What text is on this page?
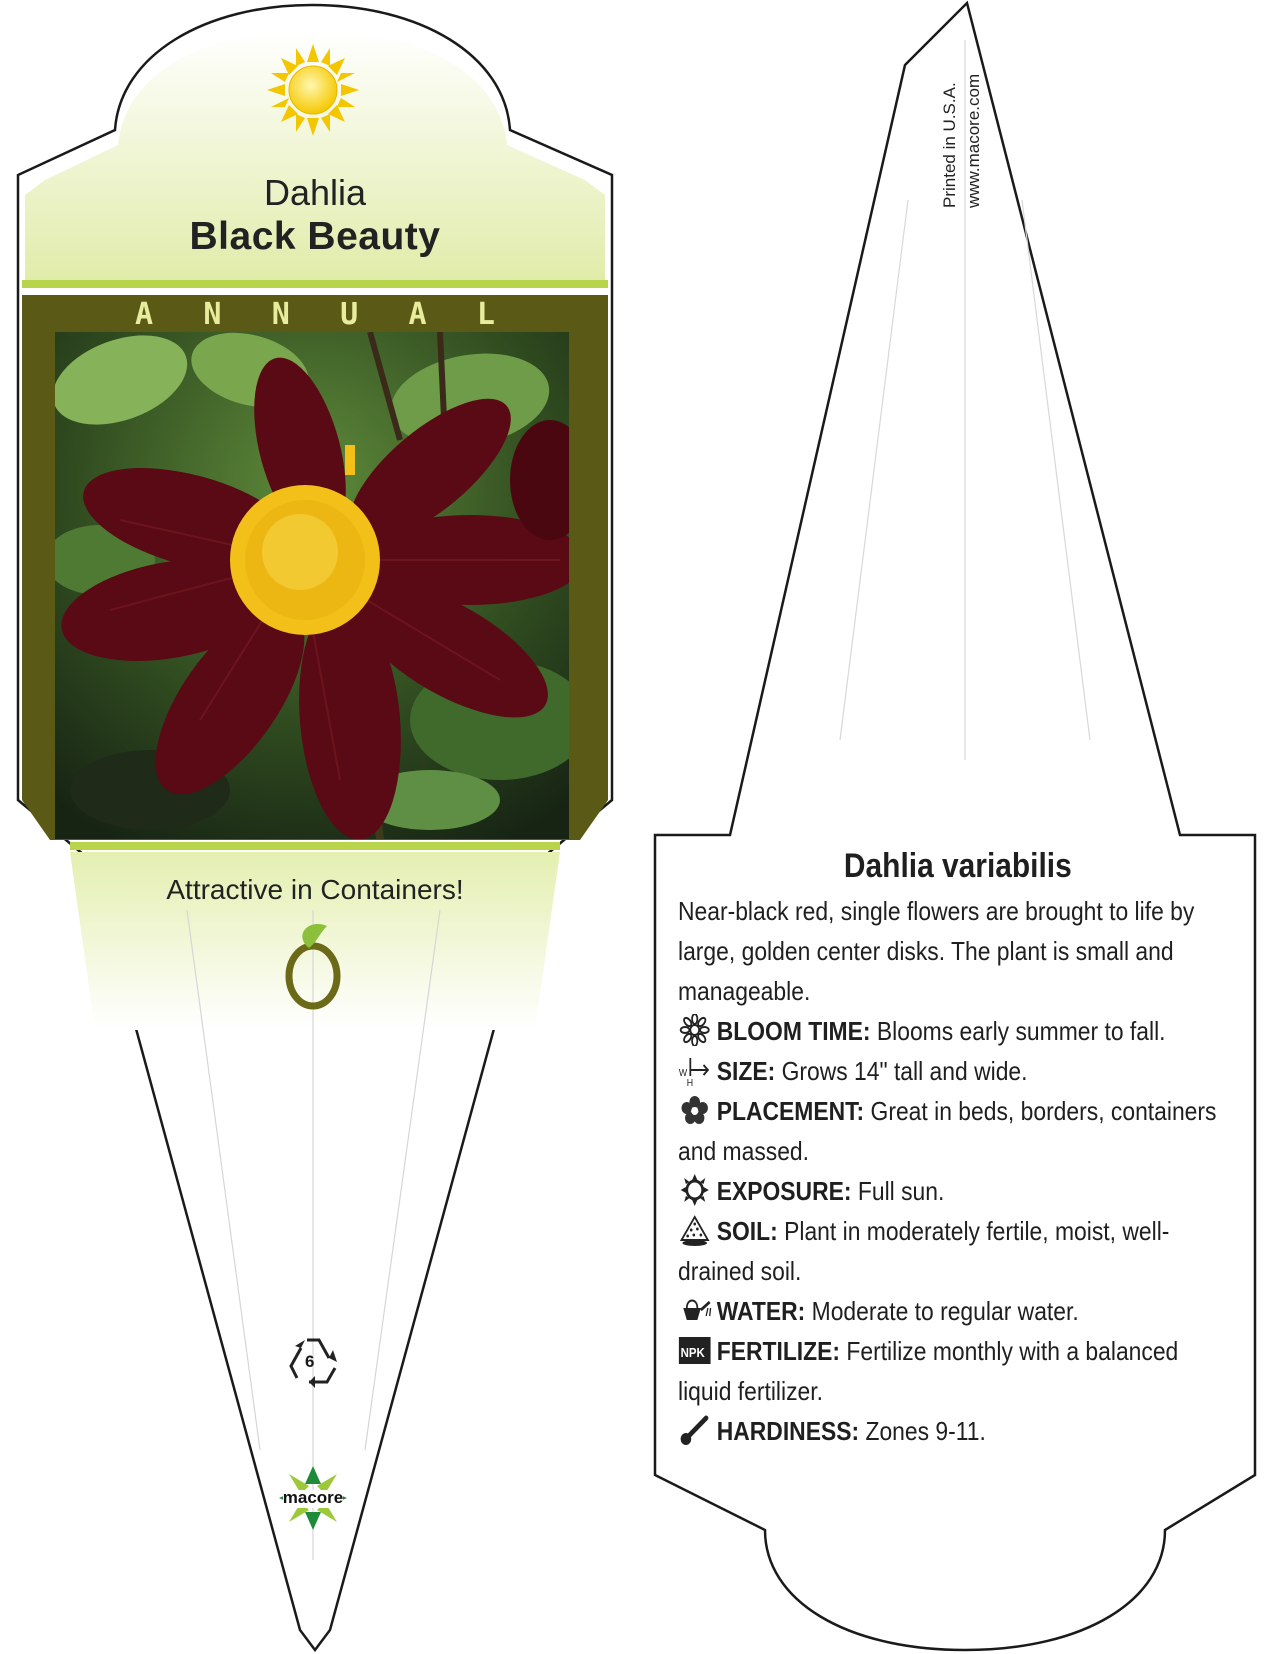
Dahlia
Black Beauty
A N N U A L
Attractive in Containers!
6
macore
Printed in U.S.A. www.macore.com
Dahlia variabilis
Near-black red, single flowers are brought to life by large, golden center disks. The plant is small and manageable.
BLOOM TIME: Blooms early summer to fall.
W
H SIZE: Grows 14" tall and wide.
PLACEMENT: Great in beds, borders, containers and massed.
EXPOSURE: Full sun.
SOIL: Plant in moderately fertile, moist, well-drained soil.
WATER: Moderate to regular water.
NPK FERTILIZE: Fertilize monthly with a balanced liquid fertilizer.
HARDINESS: Zones 9-11.
